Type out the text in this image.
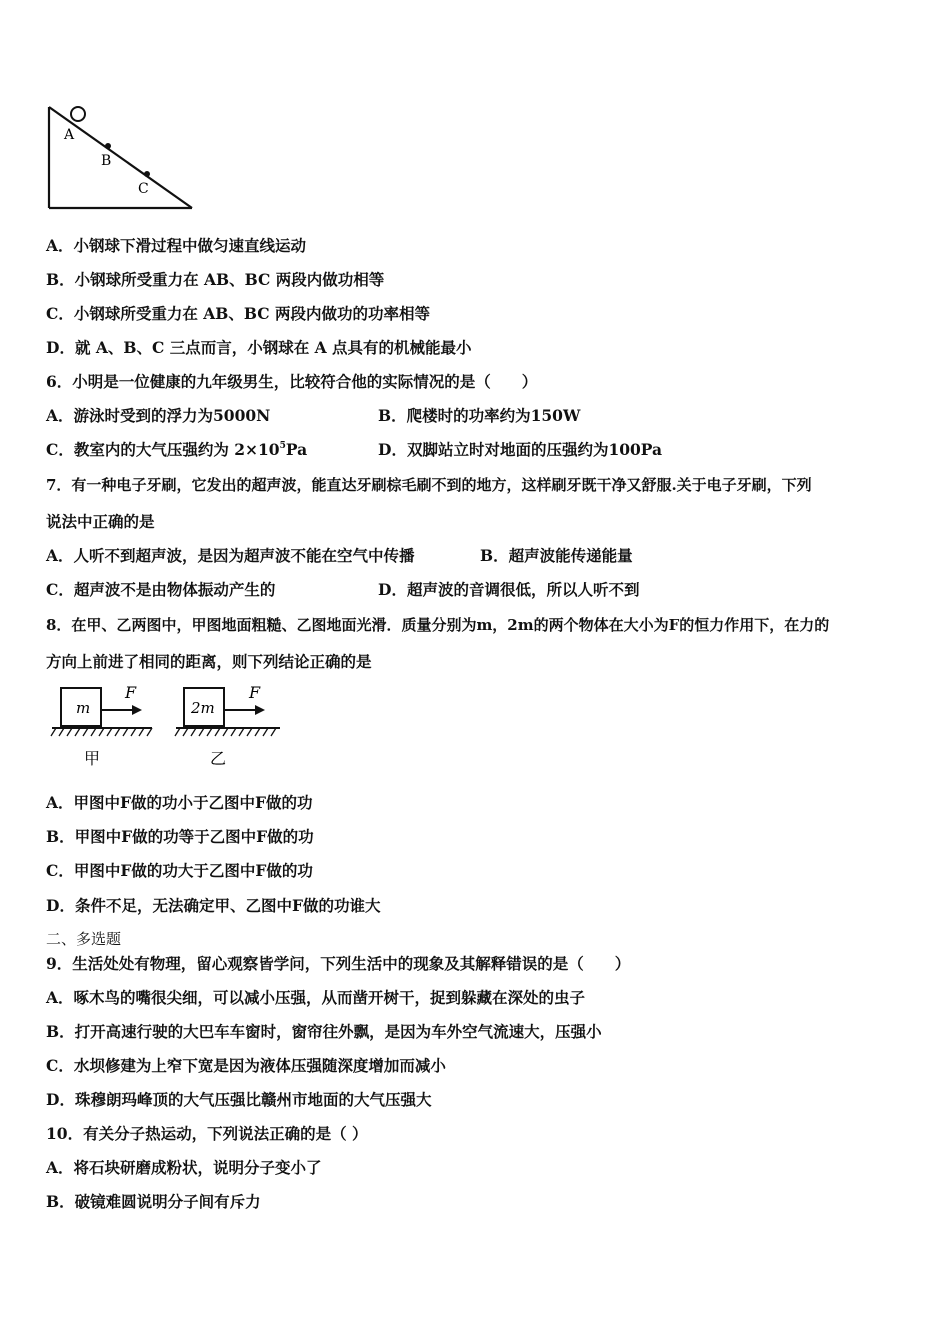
A
B
C
A．小钢球下滑过程中做匀速直线运动
B．小钢球所受重力在 AB、BC 两段内做功相等
C．小钢球所受重力在 AB、BC 两段内做功的功率相等
D．就 A、B、C 三点而言，小钢球在 A 点具有的机械能最小
6．小明是一位健康的九年级男生，比较符合他的实际情况的是（　　）
A．游泳时受到的浮力为5000N	B．爬楼时的功率约为150W
C．教室内的大气压强约为 $2\times 10^5Pa$	D．双脚站立时对地面的压强约为100Pa
7．有一种电子牙刷，它发出的超声波，能直达牙刷棕毛刷不到的地方，这样刷牙既干净又舒服.关于电子牙刷，下列
说法中正确的是
A．人听不到超声波，是因为超声波不能在空气中传播	B．超声波能传递能量
C．超声波不是由物体振动产生的	D．超声波的音调很低，所以人听不到
8．在甲、乙两图中，甲图地面粗糙、乙图地面光滑．质量分别为m，2m的两个物体在大小为F的恒力作用下，在力的
方向上前进了相同的距离，则下列结论正确的是
m
F
甲
2m
F
乙
A．甲图中F做的功小于乙图中F做的功
B．甲图中F做的功等于乙图中F做的功
C．甲图中F做的功大于乙图中F做的功
D．条件不足，无法确定甲、乙图中F做的功谁大
二、多选题
9．生活处处有物理，留心观察皆学问，下列生活中的现象及其解释错误的是（　　）
A．啄木鸟的嘴很尖细，可以减小压强，从而凿开树干，捉到躲藏在深处的虫子
B．打开高速行驶的大巴车车窗时，窗帘往外飘，是因为车外空气流速大，压强小
C．水坝修建为上窄下宽是因为液体压强随深度增加而减小
D．珠穆朗玛峰顶的大气压强比赣州市地面的大气压强大
10．有关分子热运动，下列说法正确的是（ ）
A．将石块研磨成粉状，说明分子变小了
B．破镜难圆说明分子间有斥力
